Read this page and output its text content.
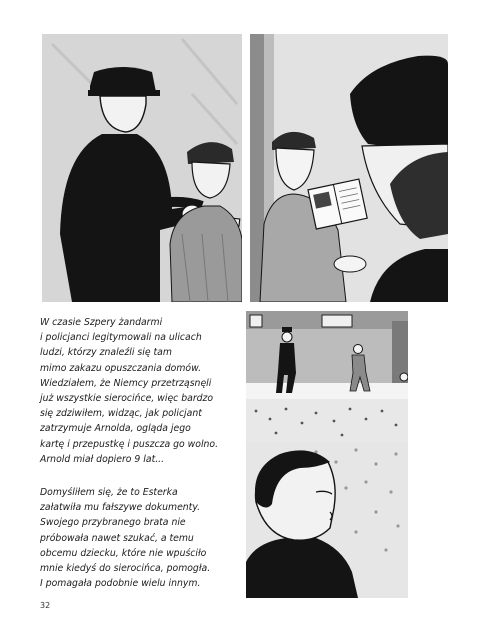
W czasie Szpery żandarmi
i policjanci legitymowali na ulicach
ludzi, którzy znaleźli się tam
mimo zakazu opuszczania domów.
Wiedziałem, że Niemcy przetrząsnęli
już wszystkie sierocińce, więc bardzo
się zdziwiłem, widząc, jak policjant
zatrzymuje Arnolda, ogląda jego
kartę i przepustkę i puszcza go wolno.
Arnold miał dopiero 9 lat...

Domyśliłem się, że to Esterka
załatwiła mu fałszywe dokumenty.
Swojego przybranego brata nie
próbowała nawet szukać, a temu
obcemu dziecku, które nie wpuściło
mnie kiedyś do sierocińca, pomogła.
I pomagała podobnie wielu innym.

32
